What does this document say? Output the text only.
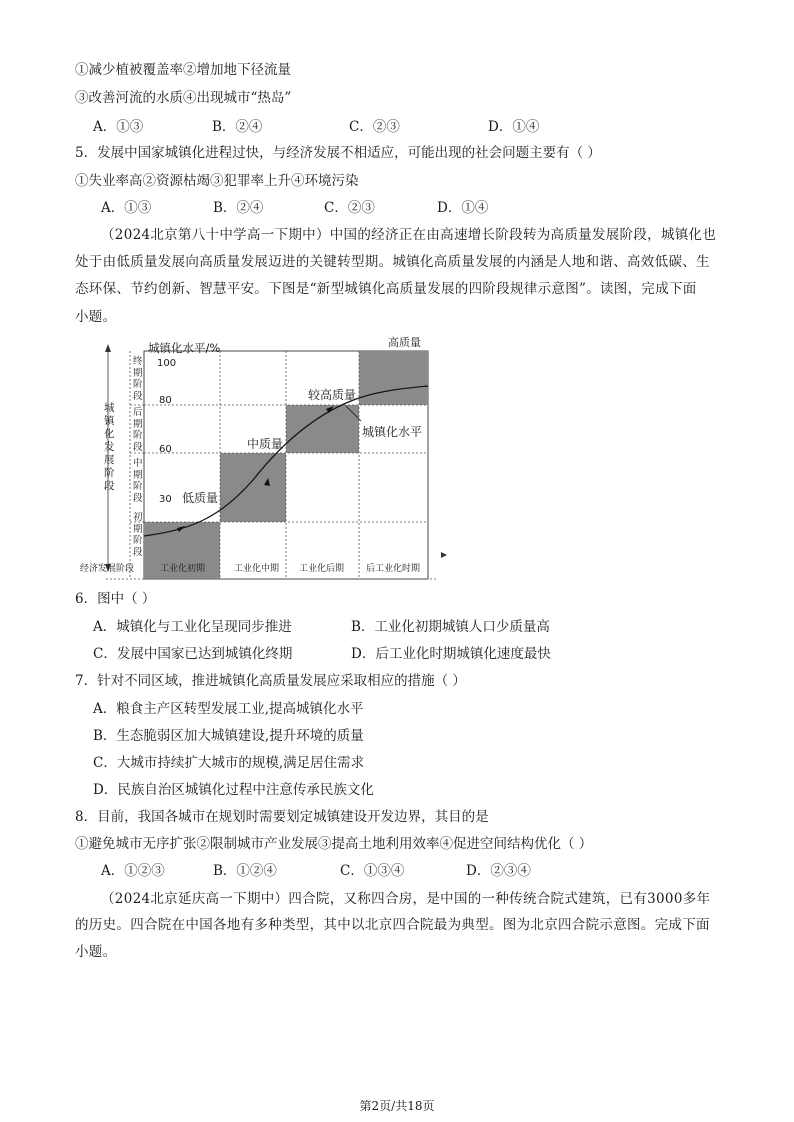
①减少植被覆盖率②增加地下径流量
③改善河流的水质④出现城市“热岛”
A．①③	B．②④	C．②③	D．①④
5．发展中国家城镇化进程过快，与经济发展不相适应，可能出现的社会问题主要有（ ）
①失业率高②资源枯竭③犯罪率上升④环境污染
A．①③	B．②④	C．②③	D．①④
（2024北京第八十中学高一下期中）中国的经济正在由高速增长阶段转为高质量发展阶段，城镇化也
处于由低质量发展向高质量发展迈进的关键转型期。城镇化高质量发展的内涵是人地和谐、高效低碳、生
态环保、节约创新、智慧平安。下图是“新型城镇化高质量发展的四阶段规律示意图”。读图，完成下面
小题。
城镇化水平/%	高质量
100
80
60
30
城镇化发展阶段
终期阶段
后期阶段
中期阶段
初期阶段
低质量
中质量
较高质量
城镇化水平
经济发展阶段	工业化初期	工业化中期 工业化后期 后工业化时期
6．图中（ ）
A．城镇化与工业化呈现同步推进	B．工业化初期城镇人口少质量高
C．发展中国家已达到城镇化终期	D．后工业化时期城镇化速度最快
7．针对不同区域，推进城镇化高质量发展应采取相应的措施（ ）
A．粮食主产区转型发展工业,提高城镇化水平
B．生态脆弱区加大城镇建设,提升环境的质量
C．大城市持续扩大城市的规模,满足居住需求
D．民族自治区城镇化过程中注意传承民族文化
8．目前，我国各城市在规划时需要划定城镇建设开发边界，其目的是
①避免城市无序扩张②限制城市产业发展③提高土地利用效率④促进空间结构优化（ ）
A．①②③	B．①②④	C．①③④	D．②③④
（2024北京延庆高一下期中）四合院，又称四合房，是中国的一种传统合院式建筑，已有3000多年
的历史。四合院在中国各地有多种类型，其中以北京四合院最为典型。图为北京四合院示意图。完成下面
小题。
第2页/共18页
